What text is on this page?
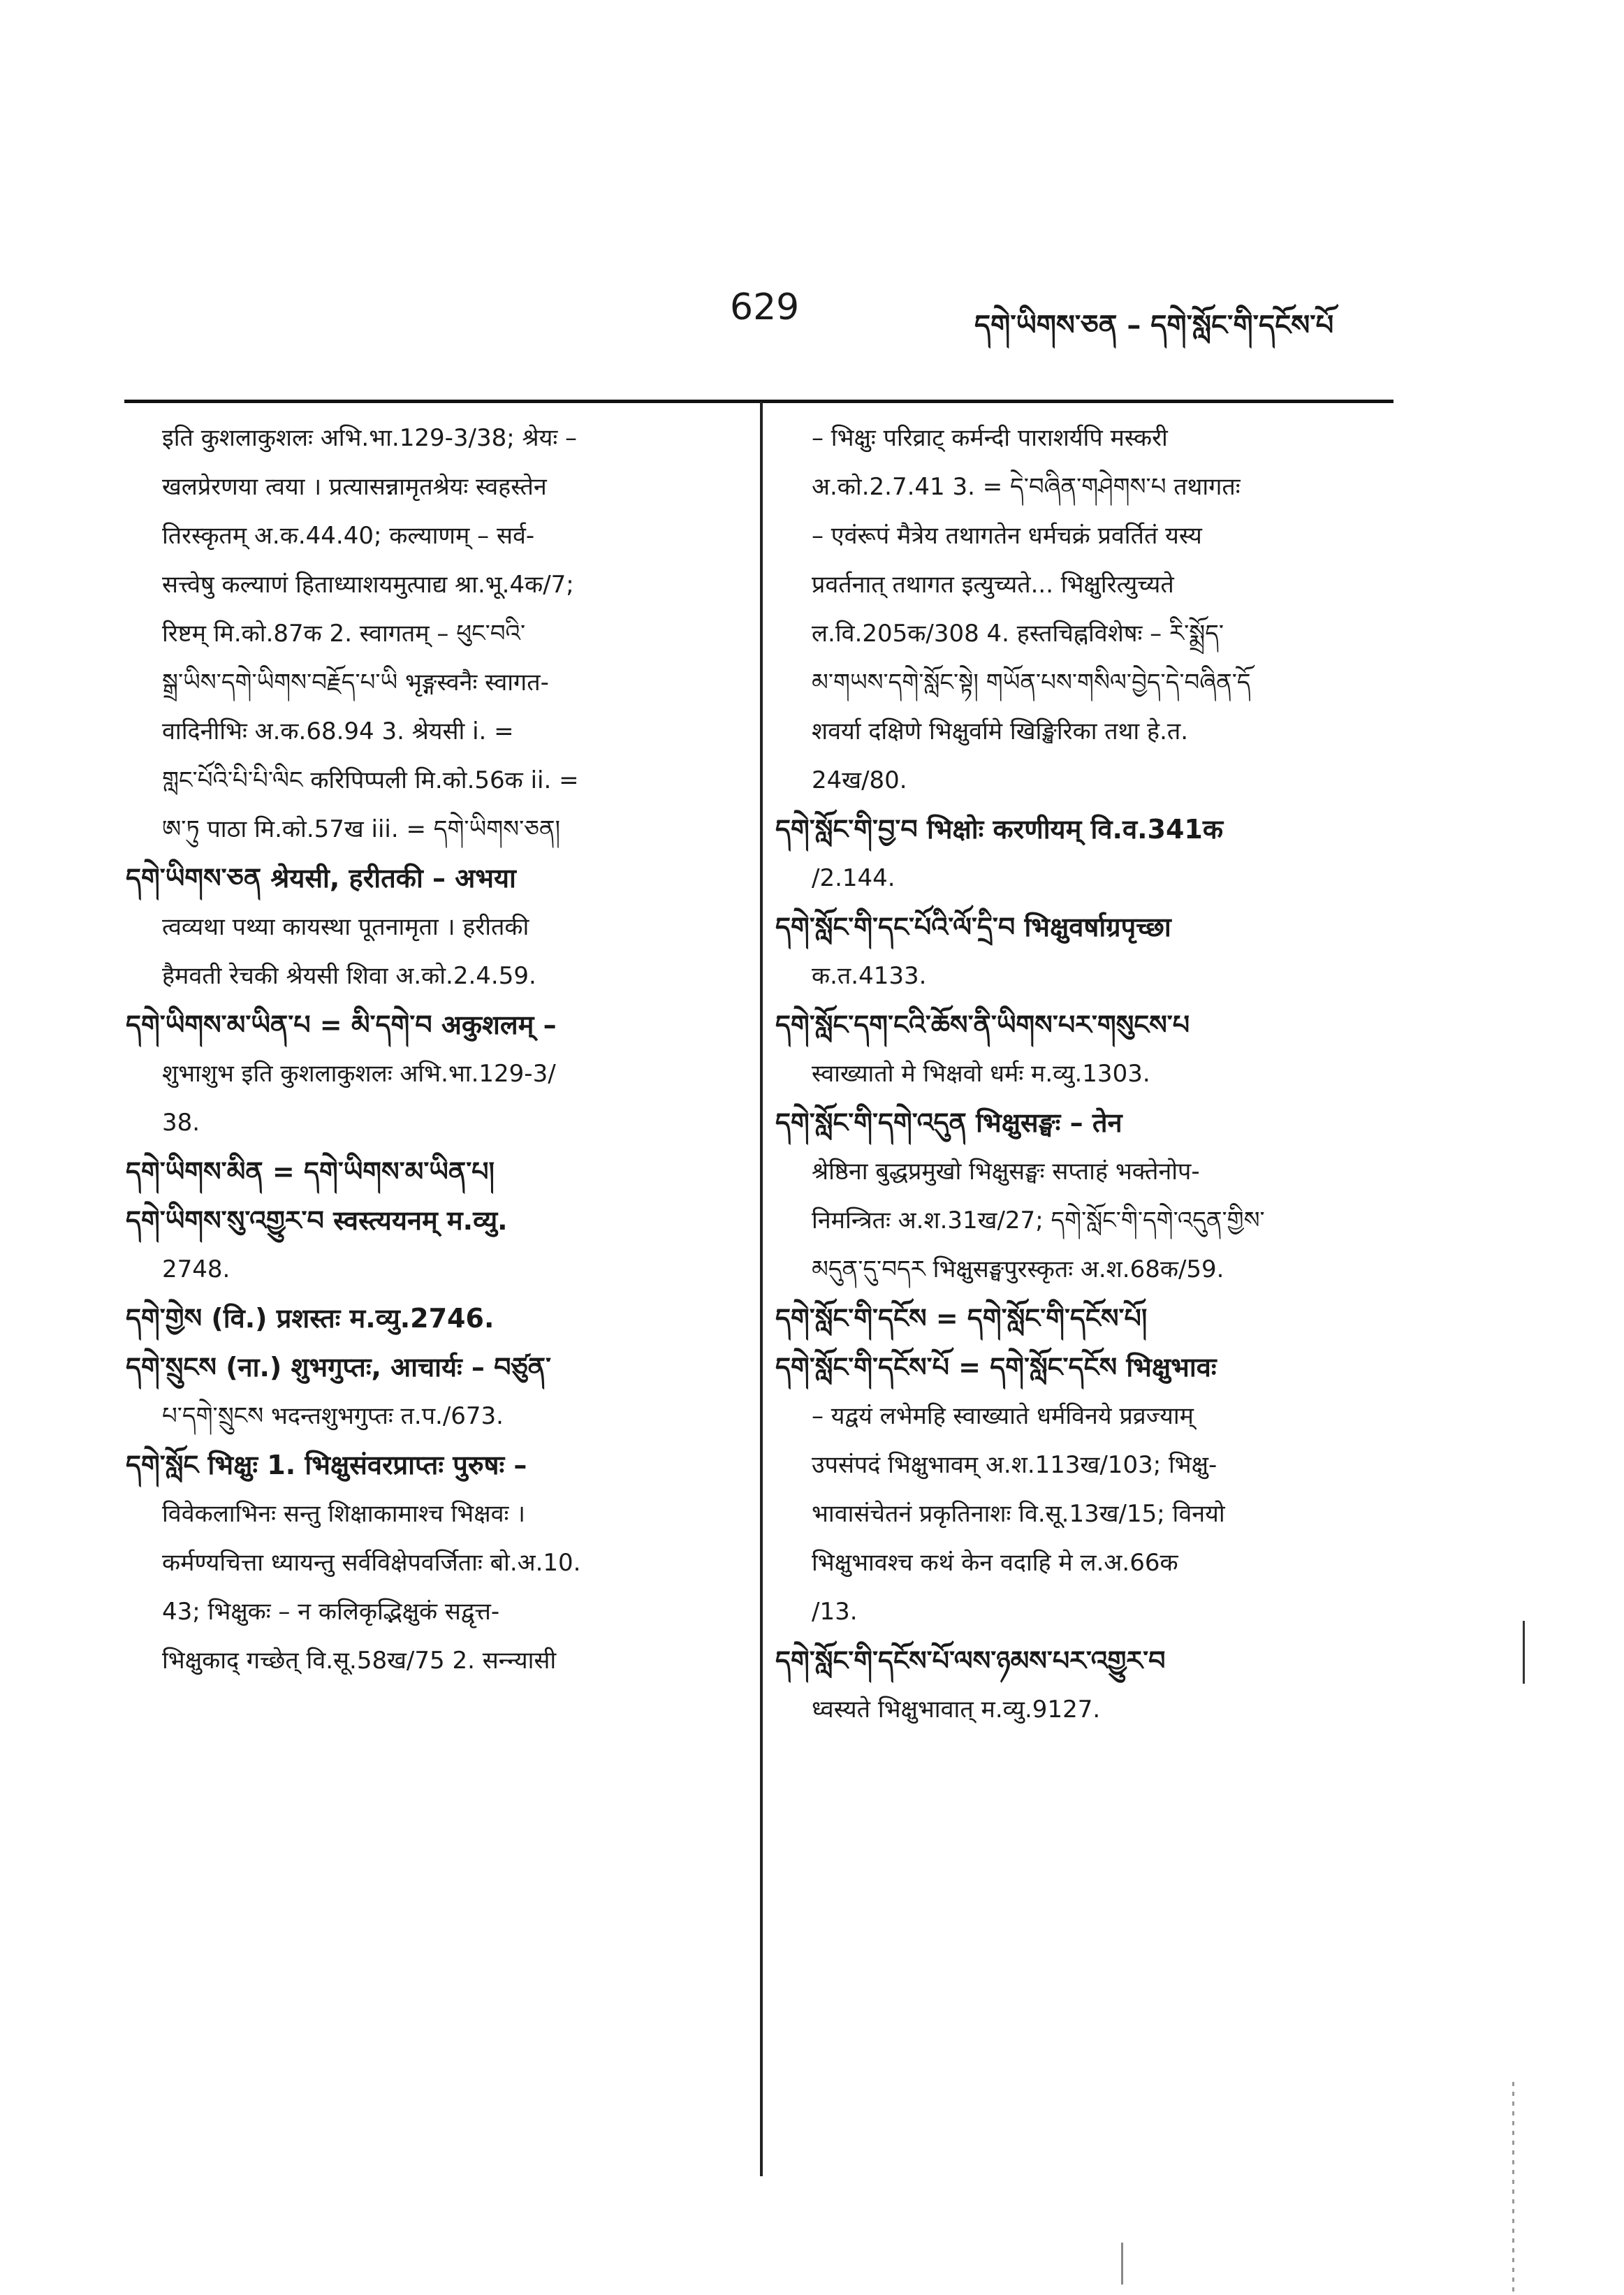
629	དགེ་ཡིགས་ཅན – དགེ་སློང་གི་དངོས་པོ
इति कुशलाकुशलः अभि.भा.129-3/38; श्रेयः –
खलप्रेरणया त्वया । प्रत्यासन्नामृतश्रेयः स्वहस्तेन
तिरस्कृतम् अ.क.44.40; कल्याणम् – सर्व-
सत्त्वेषु कल्याणं हिताध्याशयमुत्पाद्य श्रा.भू.4क/7;
रिष्टम् मि.को.87क 2. स्वागतम् – ཕུང་བའི་
སྒྲ་ཡིས་དགེ་ཡིགས་བརྗོད་པ་ཡི भृङ्गस्वनैः स्वागत-
वादिनीभिः अ.क.68.94 3. श्रेयसी i. =
གླང་པོའི་པི་པི་ལིང करिपिप्पली मि.को.56क ii. =
ཨ་ཏུ पाठा मि.को.57ख iii. = དགེ་ཡིགས་ཅན།
དགེ་ཡིགས་ཅན श्रेयसी, हरीतकी – अभया
त्वव्यथा पथ्या कायस्था पूतनामृता । हरीतकी
हैमवती रेचकी श्रेयसी शिवा अ.को.2.4.59.
དགེ་ཡིགས་མ་ཡིན་པ = མི་དགེ་བ अकुशलम् –
शुभाशुभ इति कुशलाकुशलः अभि.भा.129-3/
38.
དགེ་ཡིགས་མིན = དགེ་ཡིགས་མ་ཡིན་པ།
དགེ་ཡིགས་སུ་འགྱུར་བ स्वस्त्ययनम् म.व्यु.
2748.
དགེ་གྱེས (वि.) प्रशस्तः म.व्यु.2746.
དགེ་སྲུངས (ना.) शुभगुप्तः, आचार्यः – བཙུན་
པ་དགེ་སྲུངས भदन्तशुभगुप्तः त.प./673.
དགེ་སློང भिक्षुः 1. भिक्षुसंवरप्राप्तः पुरुषः –
विवेकलाभिनः सन्तु शिक्षाकामाश्च भिक्षवः ।
कर्मण्यचित्ता ध्यायन्तु सर्वविक्षेपवर्जिताः बो.अ.10.
43; भिक्षुकः – न कलिकृद्भिक्षुकं सद्वृत्त-
भिक्षुकाद् गच्छेत् वि.सू.58ख/75 2. सन्न्यासी
– भिक्षुः परिव्राट् कर्मन्दी पाराशर्यपि मस्करी
अ.को.2.7.41 3. = དེ་བཞིན་གཤེགས་པ तथागतः
– एवंरूपं मैत्रेय तथागतेन धर्मचक्रं प्रवर्तितं यस्य
प्रवर्तनात् तथागत इत्युच्यते... भिक्षुरित्युच्यते
ल.वि.205क/308 4. हस्तचिह्नविशेषः – རི་སྨྲོད་
མ་གཡས་དགེ་སློང་སྟེ། གཡོན་པས་གསིལ་བྱེད་དེ་བཞིན་དོ
शवर्या दक्षिणे भिक्षुर्वामे खिङ्खिरिका तथा हे.त.
24ख/80.
དགེ་སློང་གི་བྱ་བ भिक्षोः करणीयम् वि.व.341क
/2.144.
དགེ་སློང་གི་དང་པོའི་ལོ་དྲི་བ भिक्षुवर्षाग्रपृच्छा
क.त.4133.
དགེ་སློང་དག་ངའི་ཆོས་ནི་ཡིགས་པར་གསུངས་པ
स्वाख्यातो मे भिक्षवो धर्मः म.व्यु.1303.
དགེ་སློང་གི་དགེ་འདུན भिक्षुसङ्घः – तेन
श्रेष्ठिना बुद्धप्रमुखो भिक्षुसङ्घः सप्ताहं भक्तेनोप-
निमन्त्रितः अ.श.31ख/27; དགེ་སློང་གི་དགེ་འདུན་གྱིས་
མདུན་དུ་བདར भिक्षुसङ्घपुरस्कृतः अ.श.68क/59.
དགེ་སློང་གི་དངོས = དགེ་སློང་གི་དངོས་པོ།
དགེ་སློང་གི་དངོས་པོ = དགེ་སློང་དངོས भिक्षुभावः
– यद्वयं लभेमहि स्वाख्याते धर्मविनये प्रव्रज्याम्
उपसंपदं भिक्षुभावम् अ.श.113ख/103; भिक्षु-
भावासंचेतनं प्रकृतिनाशः वि.सू.13ख/15; विनयो
भिक्षुभावश्च कथं केन वदाहि मे ल.अ.66क
/13.
དགེ་སློང་གི་དངོས་པོ་ལས་ཉམས་པར་འགྱུར་བ
ध्वस्यते भिक्षुभावात् म.व्यु.9127.
